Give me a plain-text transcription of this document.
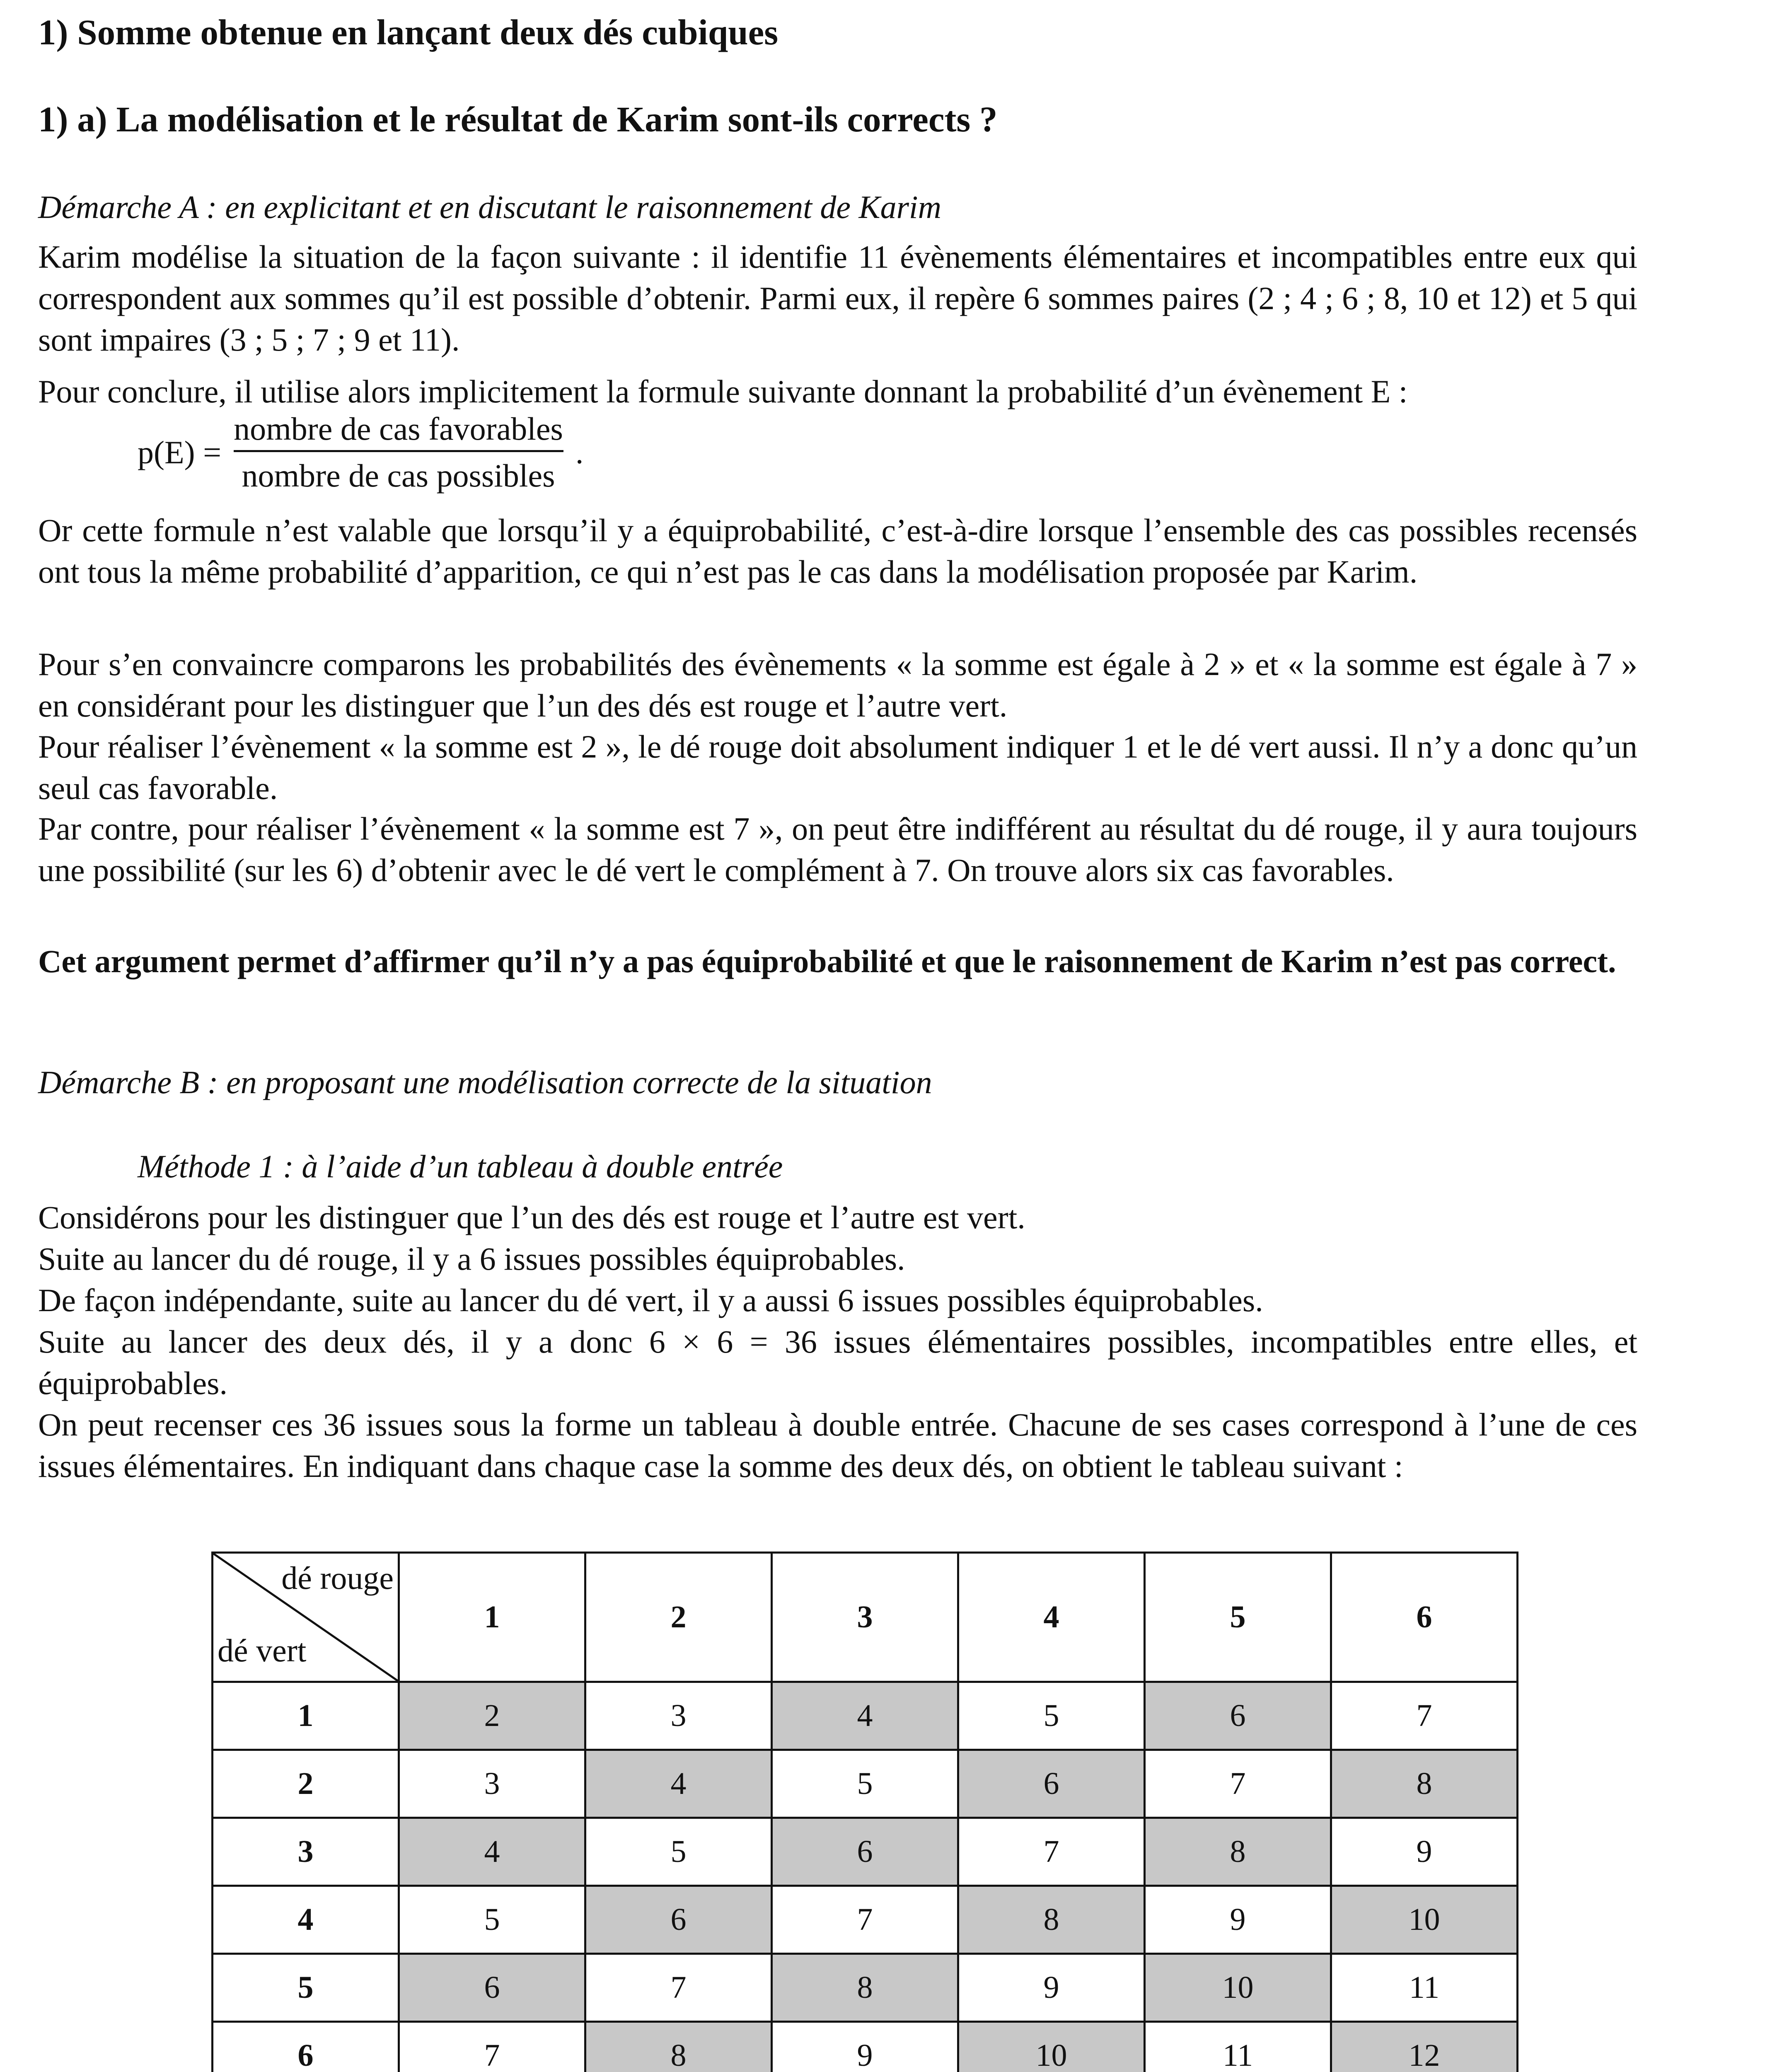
1) Somme obtenue en lançant deux dés cubiques

1) a) La modélisation et le résultat de Karim sont-ils corrects ?

Démarche A : en explicitant et en discutant le raisonnement de Karim

Karim modélise la situation de la façon suivante : il identifie 11 évènements élémentaires et incompatibles entre eux qui correspondent aux sommes qu’il est possible d’obtenir. Parmi eux, il repère 6 sommes paires (2 ; 4 ; 6 ; 8, 10 et 12) et 5 qui sont impaires (3 ; 5 ; 7 ; 9 et 11).

Pour conclure, il utilise alors implicitement la formule suivante donnant la probabilité d’un évènement E :

$p(E) = \frac{\text{nombre de cas favorables}}{\text{nombre de cas possibles}}$ .

Or cette formule n’est valable que lorsqu’il y a équiprobabilité, c’est-à-dire lorsque l’ensemble des cas possibles recensés ont tous la même probabilité d’apparition, ce qui n’est pas le cas dans la modélisation proposée par Karim.

Pour s’en convaincre comparons les probabilités des évènements « la somme est égale à 2 » et « la somme est égale à 7 » en considérant pour les distinguer que l’un des dés est rouge et l’autre vert.

Pour réaliser l’évènement « la somme est 2 », le dé rouge doit absolument indiquer 1 et le dé vert aussi. Il n’y a donc qu’un seul cas favorable.

Par contre, pour réaliser l’évènement « la somme est 7 », on peut être indifférent au résultat du dé rouge, il y aura toujours une possibilité (sur les 6) d’obtenir avec le dé vert le complément à 7. On trouve alors six cas favorables.

Cet argument permet d’affirmer qu’il n’y a pas équiprobabilité et que le raisonnement de Karim n’est pas correct.

Démarche B : en proposant une modélisation correcte de la situation

Méthode 1 : à l’aide d’un tableau à double entrée

Considérons pour les distinguer que l’un des dés est rouge et l’autre est vert.

Suite au lancer du dé rouge, il y a 6 issues possibles équiprobables.

De façon indépendante, suite au lancer du dé vert, il y a aussi 6 issues possibles équiprobables.

Suite au lancer des deux dés, il y a donc 6 × 6 = 36 issues élémentaires possibles, incompatibles entre elles, et équiprobables.

On peut recenser ces 36 issues sous la forme un tableau à double entrée. Chacune de ses cases correspond à l’une de ces issues élémentaires. En indiquant dans chaque case la somme des deux dés, on obtient le tableau suivant :

dé rouge
dé vert	1	2	3	4	5	6
1	2	3	4	5	6	7
2	3	4	5	6	7	8
3	4	5	6	7	8	9
4	5	6	7	8	9	10
5	6	7	8	9	10	11
6	7	8	9	10	11	12
